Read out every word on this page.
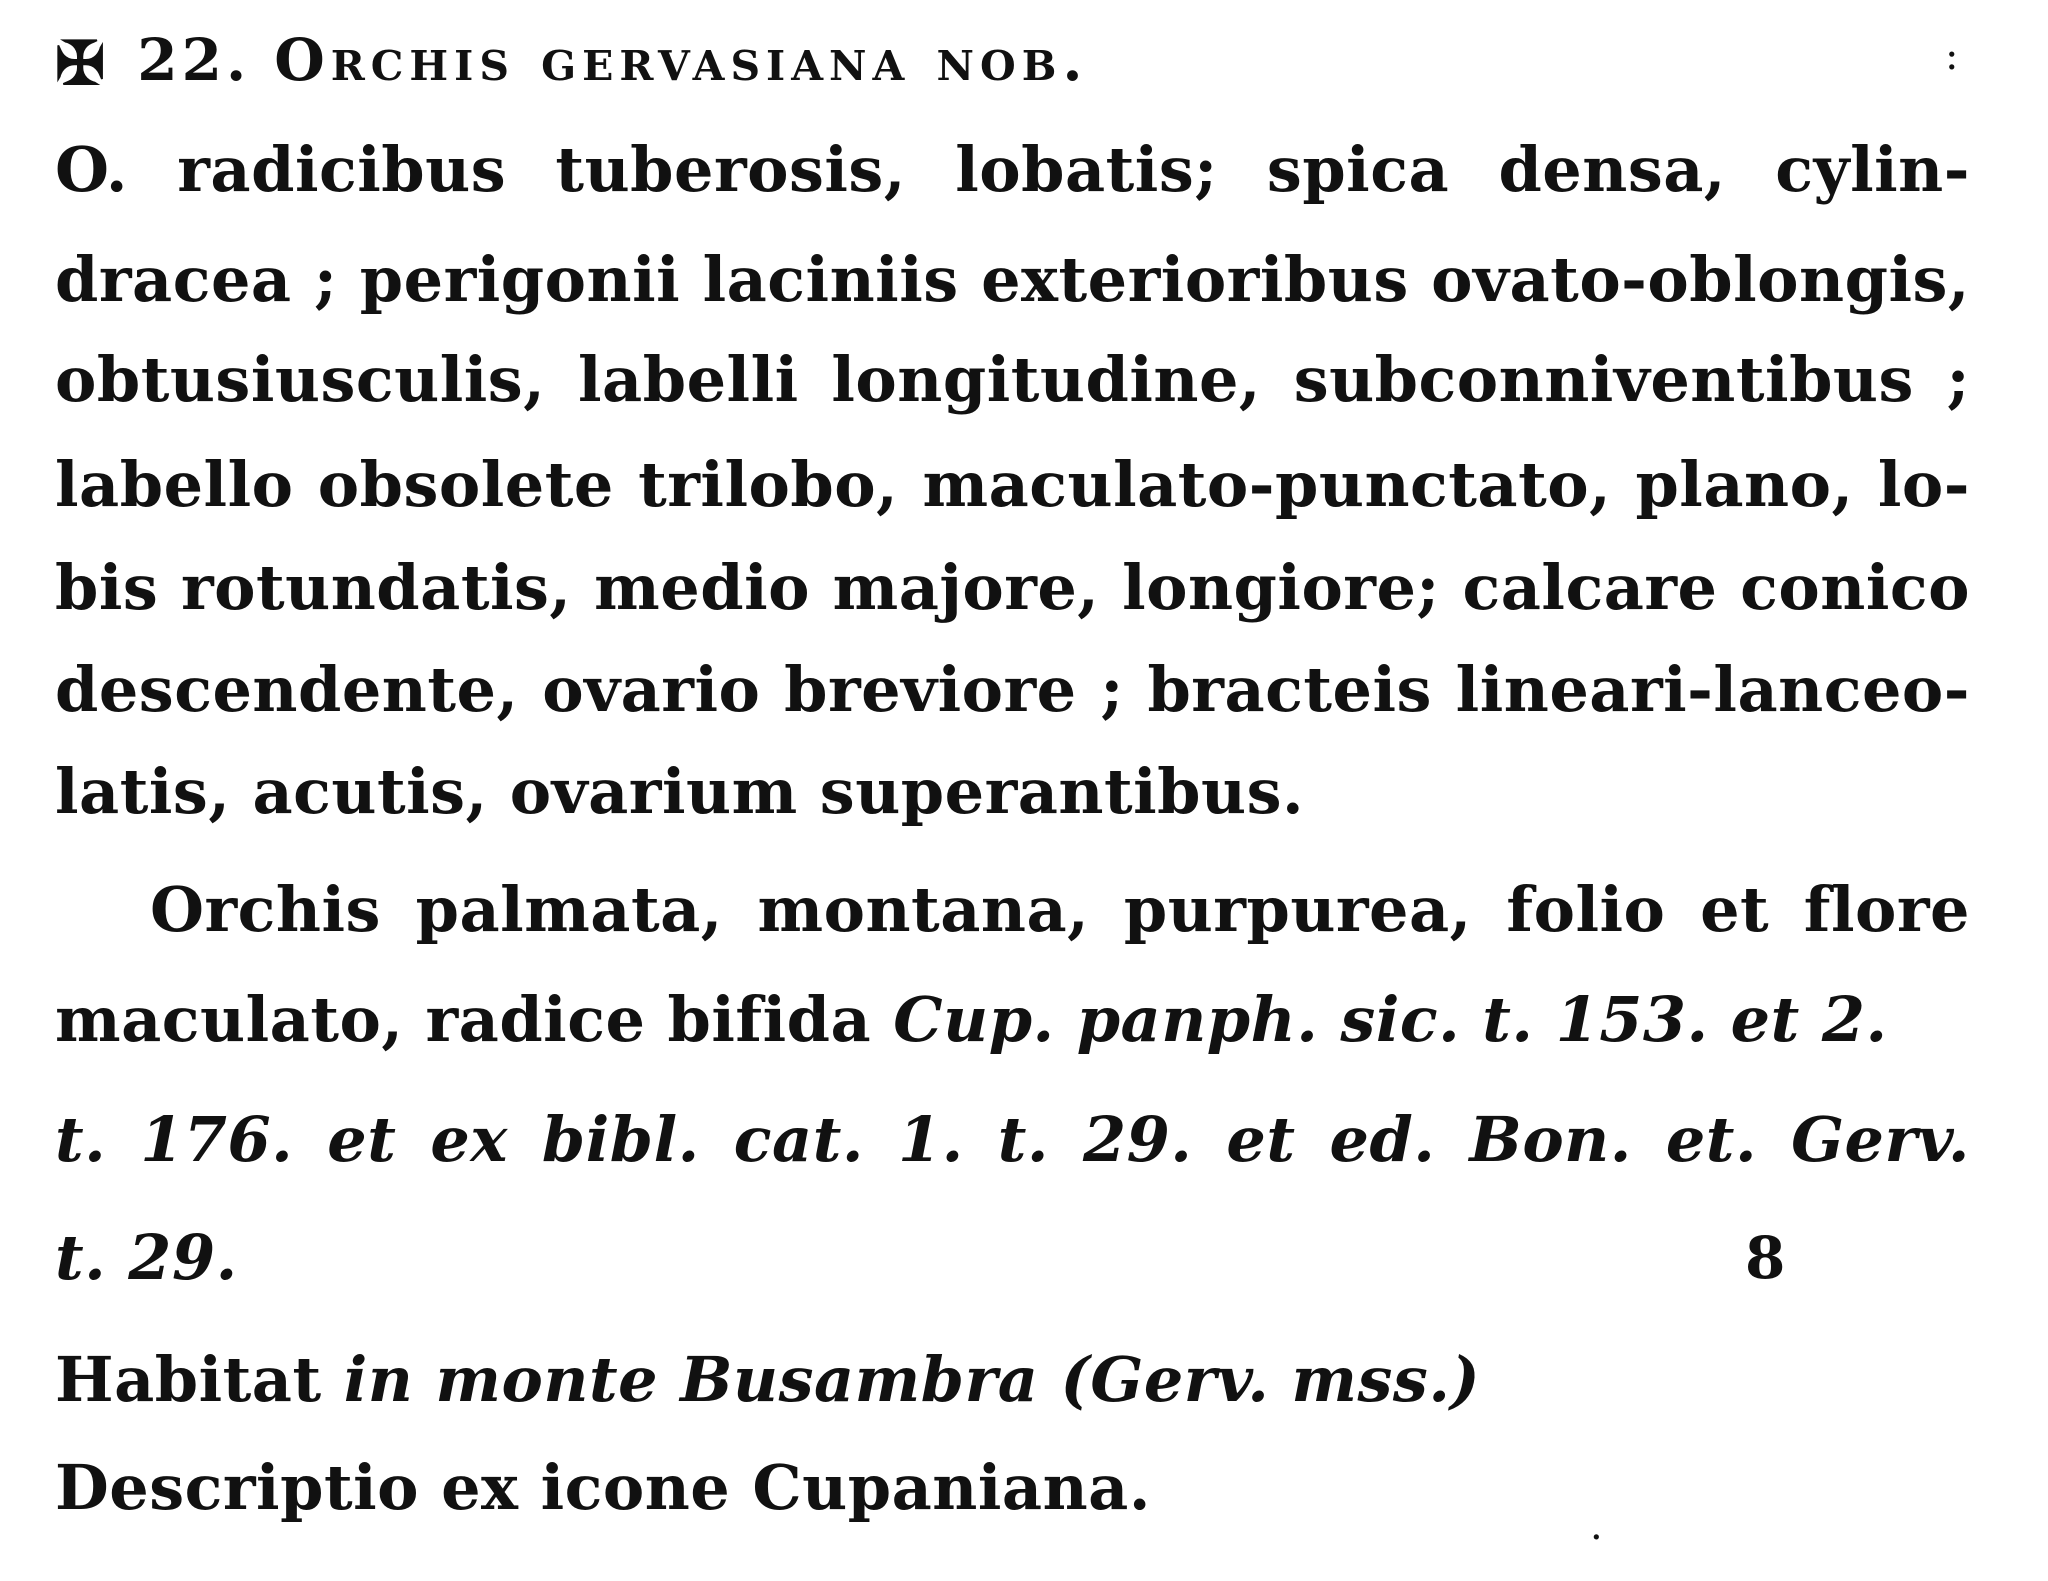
✠ 22. Orchis gervasiana nob.
O. radicibus tuberosis, lobatis; spica densa, cylin-
dracea ; perigonii laciniis exterioribus ovato-oblongis,
obtusiusculis, labelli longitudine, subconniventibus ;
labello obsolete trilobo, maculato-punctato, plano, lo-
bis rotundatis, medio majore, longiore; calcare conico
descendente, ovario breviore ; bracteis lineari-lanceo-
latis, acutis, ovarium superantibus.
Orchis palmata, montana, purpurea, folio et flore
maculato, radice bifida Cup. panph. sic. t. 153. et 2.
t. 176. et ex bibl. cat. 1. t. 29. et ed. Bon. et. Gerv.
t. 29.	8
Habitat in monte Busambra (Gerv. mss.)
Descriptio ex icone Cupaniana.
:
·
